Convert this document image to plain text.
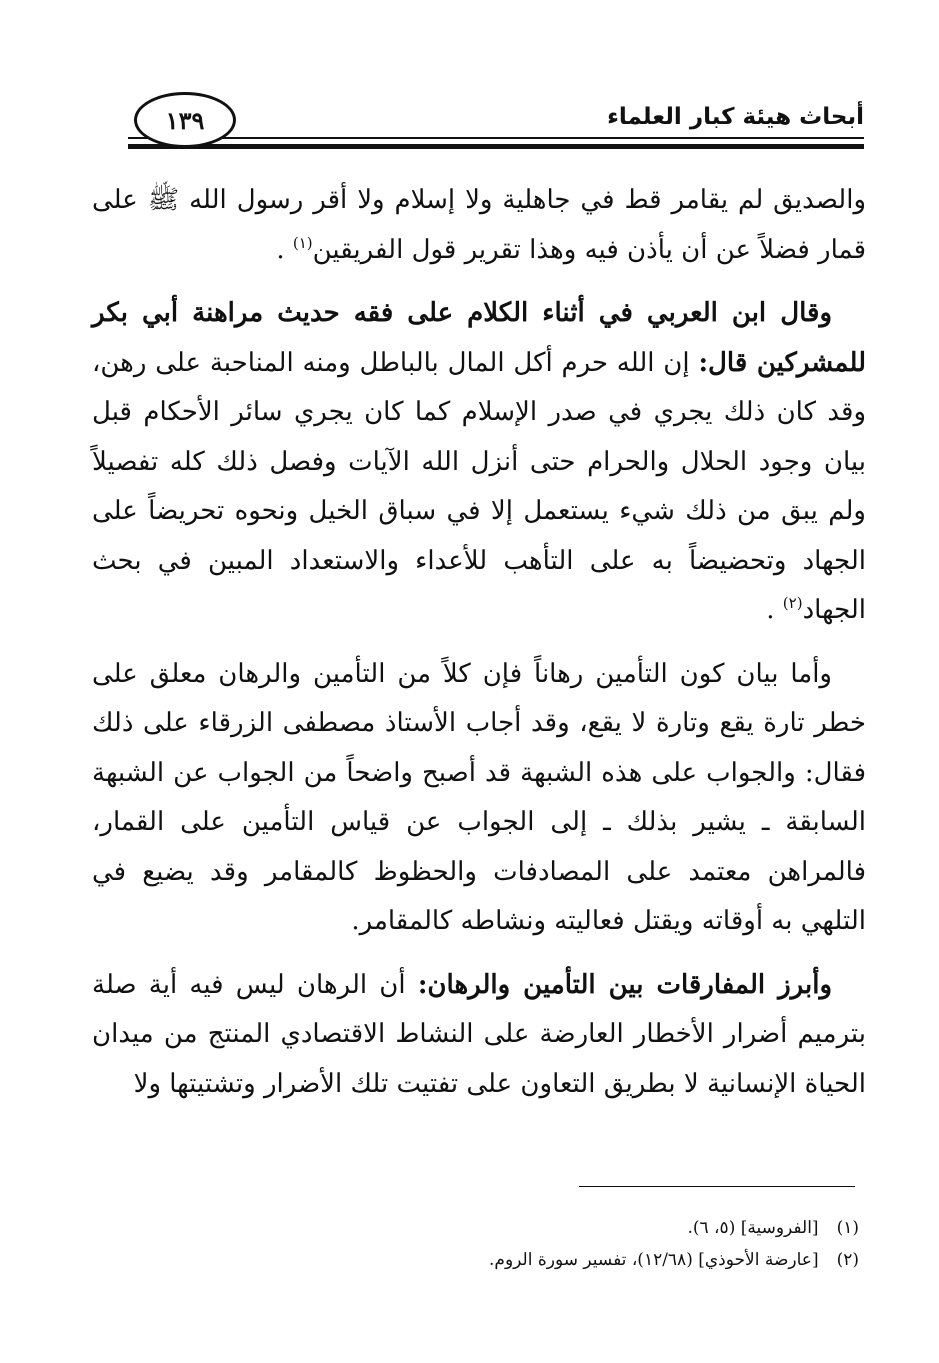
أبحاث هيئة كبار العلماء
١٣٩

والصديق لم يقامر قط في جاهلية ولا إسلام ولا أقر رسول الله ﷺ على قمار فضلاً عن أن يأذن فيه وهذا تقرير قول الفريقين$^{(١)}$ .

وقال ابن العربي في أثناء الكلام على فقه حديث مراهنة أبي بكر للمشركين قال: إن الله حرم أكل المال بالباطل ومنه المناحبة على رهن، وقد كان ذلك يجري في صدر الإسلام كما كان يجري سائر الأحكام قبل بيان وجود الحلال والحرام حتى أنزل الله الآيات وفصل ذلك كله تفصيلاً ولم يبق من ذلك شيء يستعمل إلا في سباق الخيل ونحوه تحريضاً على الجهاد وتحضيضاً به على التأهب للأعداء والاستعداد المبين في بحث الجهاد$^{(٢)}$ .

وأما بيان كون التأمين رهاناً فإن كلاً من التأمين والرهان معلق على خطر تارة يقع وتارة لا يقع، وقد أجاب الأستاذ مصطفى الزرقاء على ذلك فقال: والجواب على هذه الشبهة قد أصبح واضحاً من الجواب عن الشبهة السابقة ـ يشير بذلك ـ إلى الجواب عن قياس التأمين على القمار، فالمراهن معتمد على المصادفات والحظوظ كالمقامر وقد يضيع في التلهي به أوقاته ويقتل فعاليته ونشاطه كالمقامر.

وأبرز المفارقات بين التأمين والرهان: أن الرهان ليس فيه أية صلة بترميم أضرار الأخطار العارضة على النشاط الاقتصادي المنتج من ميدان الحياة الإنسانية لا بطريق التعاون على تفتيت تلك الأضرار وتشتيتها ولا

(١)
[الفروسية] (٥، ٦).
(٢)
[عارضة الأحوذي] (١٢/٦٨)، تفسير سورة الروم.
